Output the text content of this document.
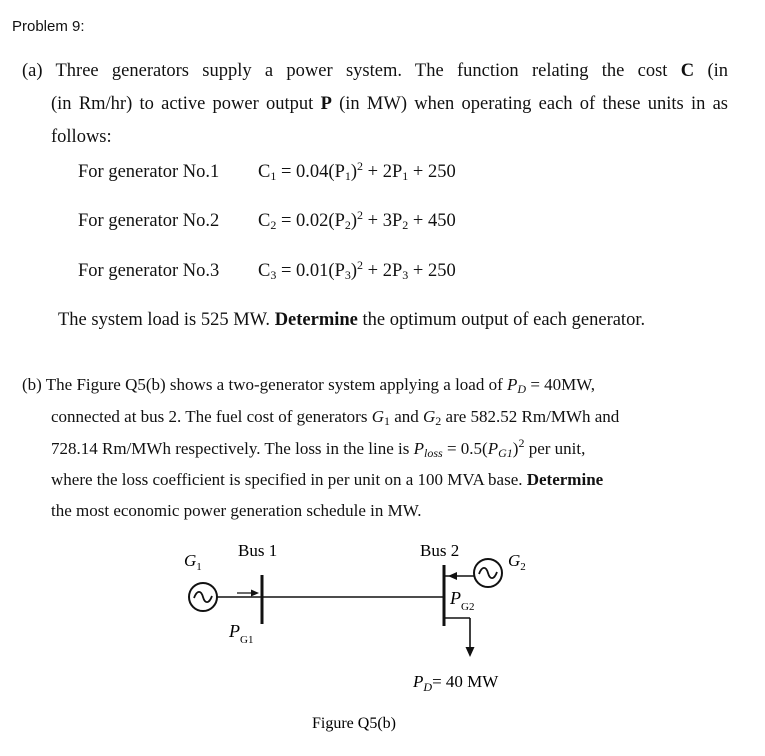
Problem 9:
(a) Three generators supply a power system. The function relating the cost C (in
(in Rm/hr) to active power output P (in MW) when operating each of these units in as
follows:
For generator No.1 $C_1 = 0.04(P_1)^2 + 2P_1 + 250$
For generator No.2 $C_2 = 0.02(P_2)^2 + 3P_2 + 450$
For generator No.3 $C_3 = 0.01(P_3)^2 + 2P_3 + 250$
The system load is 525 MW. Determine the optimum output of each generator.
(b) The Figure Q5(b) shows a two-generator system applying a load of $P_D = 40MW$,
connected at bus 2. The fuel cost of generators $G_1$ and $G_2$ are 582.52 Rm/MWh and
728.14 Rm/MWh respectively. The loss in the line is $P_{loss} = 0.5(P_{G1})^2$ per unit,
where the loss coefficient is specified in per unit on a 100 MVA base. Determine
the most economic power generation schedule in MW.
Bus 1	Bus 2
$G_1$	$G_2$
$P_{G1}$
$P_{G2}$
$P_D= 40$ MW
Figure Q5(b)
